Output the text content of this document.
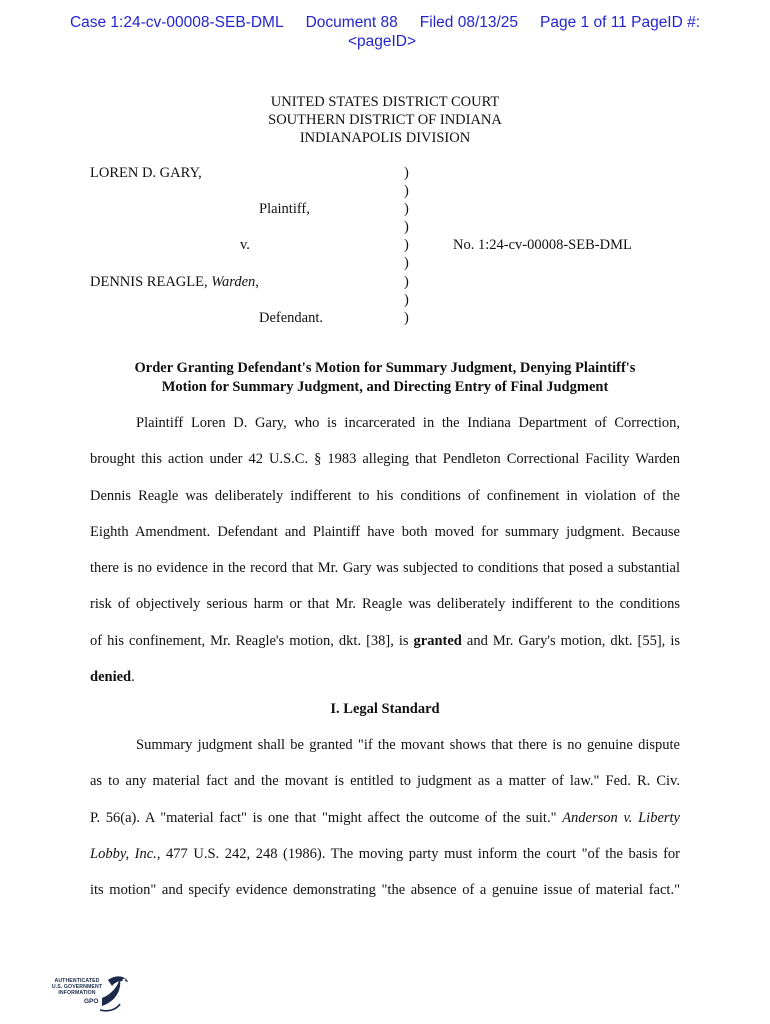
Case 1:24-cv-00008-SEB-DML Document 88 Filed 08/13/25 Page 1 of 11 PageID #:
<pageID>
UNITED STATES DISTRICT COURT
SOUTHERN DISTRICT OF INDIANA
INDIANAPOLIS DIVISION
LOREN D. GARY,	)
)
Plaintiff,	)
)
v.	)	No. 1:24-cv-00008-SEB-DML
)
DENNIS REAGLE, Warden,	)
)
Defendant.	)
Order Granting Defendant's Motion for Summary Judgment, Denying Plaintiff's
Motion for Summary Judgment, and Directing Entry of Final Judgment
Plaintiff Loren D. Gary, who is incarcerated in the Indiana Department of Correction,
brought this action under 42 U.S.C. § 1983 alleging that Pendleton Correctional Facility Warden
Dennis Reagle was deliberately indifferent to his conditions of confinement in violation of the
Eighth Amendment. Defendant and Plaintiff have both moved for summary judgment. Because
there is no evidence in the record that Mr. Gary was subjected to conditions that posed a substantial
risk of objectively serious harm or that Mr. Reagle was deliberately indifferent to the conditions
of his confinement, Mr. Reagle's motion, dkt. [38], is granted and Mr. Gary's motion, dkt. [55], is
denied.
I. Legal Standard
Summary judgment shall be granted "if the movant shows that there is no genuine dispute
as to any material fact and the movant is entitled to judgment as a matter of law." Fed. R. Civ.
P. 56(a). A "material fact" is one that "might affect the outcome of the suit." Anderson v. Liberty
Lobby, Inc., 477 U.S. 242, 248 (1986). The moving party must inform the court "of the basis for
its motion" and specify evidence demonstrating "the absence of a genuine issue of material fact."
AUTHENTICATED
U.S. GOVERNMENT
INFORMATION
GPO
